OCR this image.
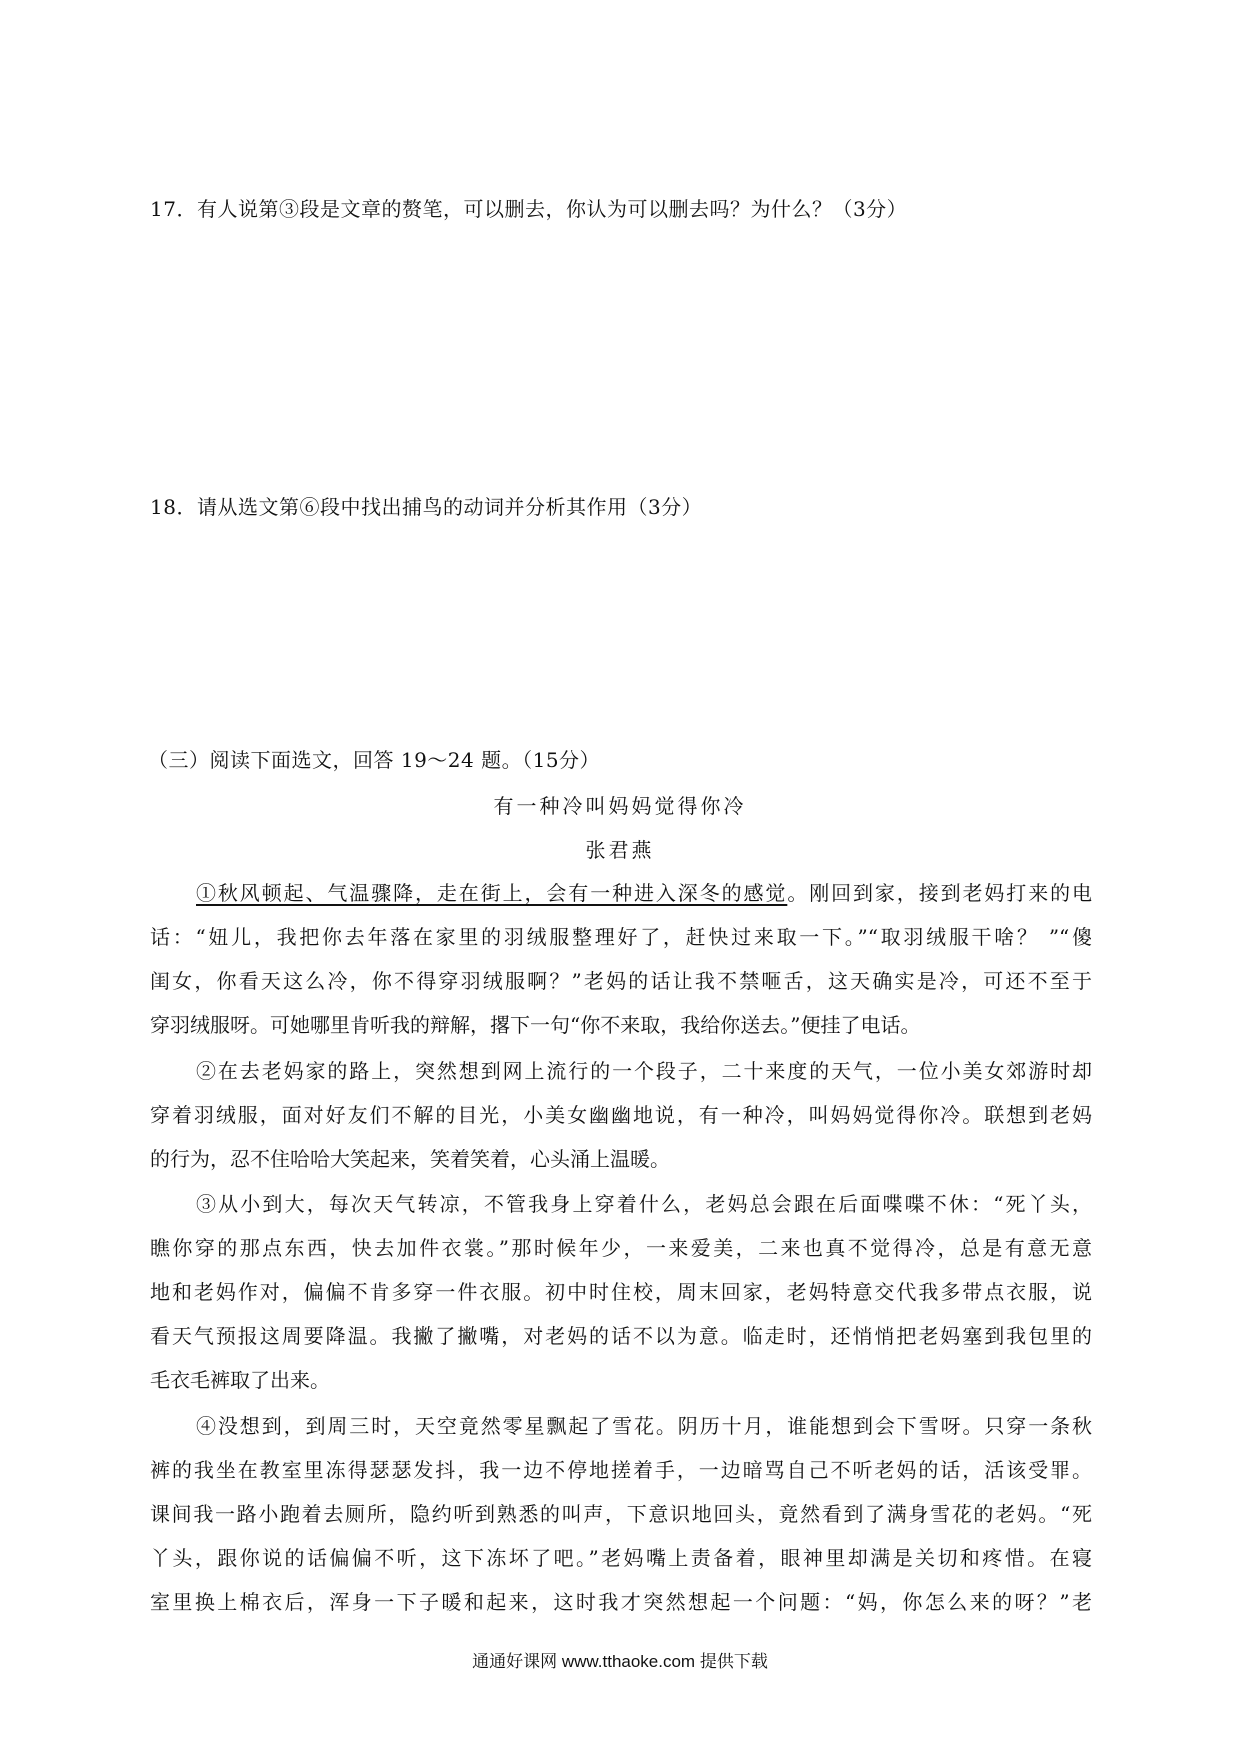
17．有人说第③段是文章的赘笔，可以删去，你认为可以删去吗？为什么？（3分）
18．请从选文第⑥段中找出捕鸟的动词并分析其作用（3分）
（三）阅读下面选文，回答 19～24 题。（15分）
有一种冷叫妈妈觉得你冷
张君燕
①秋风顿起、气温骤降，走在街上，会有一种进入深冬的感觉。刚回到家，接到老妈打来的电
话：“妞儿，我把你去年落在家里的羽绒服整理好了，赶快过来取一下。”“取羽绒服干啥？ ”“傻
闺女，你看天这么冷，你不得穿羽绒服啊？”老妈的话让我不禁咂舌，这天确实是冷，可还不至于
穿羽绒服呀。可她哪里肯听我的辩解，撂下一句“你不来取，我给你送去。”便挂了电话。
②在去老妈家的路上，突然想到网上流行的一个段子，二十来度的天气，一位小美女郊游时却
穿着羽绒服，面对好友们不解的目光，小美女幽幽地说，有一种冷，叫妈妈觉得你冷。联想到老妈
的行为，忍不住哈哈大笑起来，笑着笑着，心头涌上温暖。
③从小到大，每次天气转凉，不管我身上穿着什么，老妈总会跟在后面喋喋不休：“死丫头，
瞧你穿的那点东西，快去加件衣裳。”那时候年少，一来爱美，二来也真不觉得冷，总是有意无意
地和老妈作对，偏偏不肯多穿一件衣服。初中时住校，周末回家，老妈特意交代我多带点衣服，说
看天气预报这周要降温。我撇了撇嘴，对老妈的话不以为意。临走时，还悄悄把老妈塞到我包里的
毛衣毛裤取了出来。
④没想到，到周三时，天空竟然零星飘起了雪花。阴历十月，谁能想到会下雪呀。只穿一条秋
裤的我坐在教室里冻得瑟瑟发抖，我一边不停地搓着手，一边暗骂自己不听老妈的话，活该受罪。
课间我一路小跑着去厕所，隐约听到熟悉的叫声，下意识地回头，竟然看到了满身雪花的老妈。“死
丫头，跟你说的话偏偏不听，这下冻坏了吧。”老妈嘴上责备着，眼神里却满是关切和疼惜。在寝
室里换上棉衣后，浑身一下子暖和起来，这时我才突然想起一个问题：“妈，你怎么来的呀？”老
通通好课网 www.tthaoke.com 提供下载
